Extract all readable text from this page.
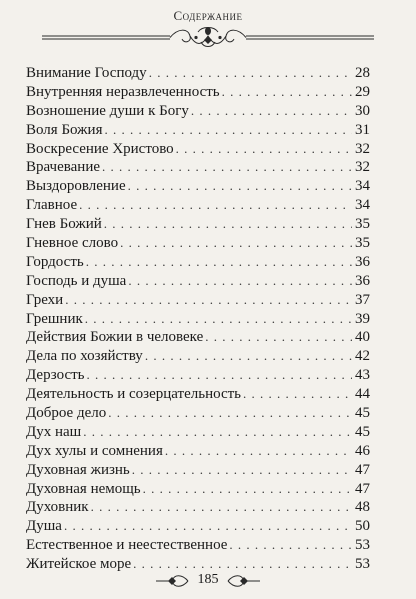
Содержание
Внимание Господу . . .	28
Внутренняя неразвлеченность . . .	29
Возношение души к Богу . . .	30
Воля Божия . . .	31
Воскресение Христово . . .	32
Врачевание . . .	32
Выздоровление . . .	34
Главное . . .	34
Гнев Божий . . .	35
Гневное слово . . .	35
Гордость . . .	36
Господь и душа . . .	36
Грехи . . .	37
Грешник . . .	39
Действия Божии в человеке . . .	40
Дела по хозяйству . . .	42
Дерзость . . .	43
Деятельность и созерцательность . . .	44
Доброе дело . . .	45
Дух наш . . .	45
Дух хулы и сомнения . . .	46
Духовная жизнь . . .	47
Духовная немощь . . .	47
Духовник . . .	48
Душа . . .	50
Естественное и неестественное . . .	53
Житейское море . . .	53
185
